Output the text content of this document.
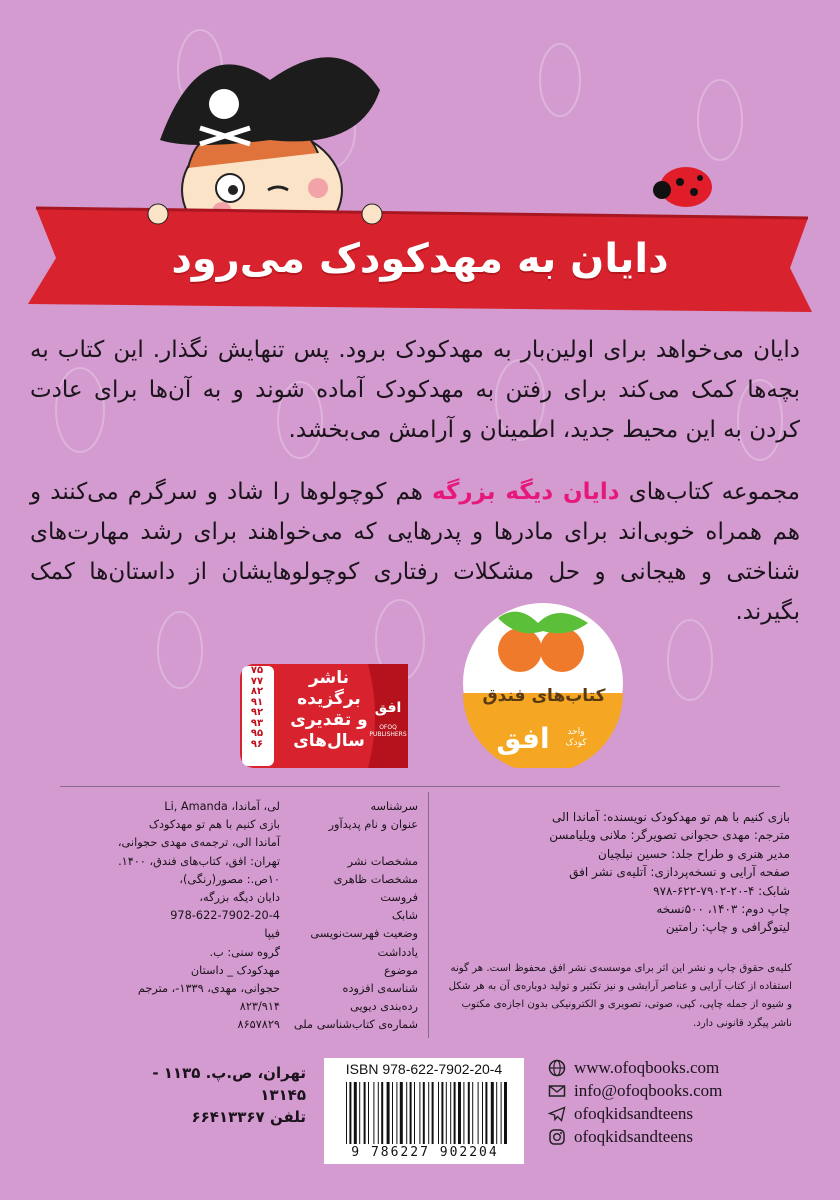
دایان به مهدکودک می‌رود
دایان می‌خواهد برای اولین‌بار به مهدکودک برود. پس تنهایش نگذار. این کتاب به بچه‌ها کمک می‌کند برای رفتن به مهدکودک آماده شوند و به آن‌ها برای عادت کردن به این محیط جدید، اطمینان و آرامش می‌بخشد.
مجموعه کتاب‌های دایان دیگه بزرگه هم کوچولوها را شاد و سرگرم می‌کنند و هم همراه خوبی‌اند برای مادرها و پدرهایی که می‌خواهند برای رشد مهارت‌های شناختی و هیجانی و حل مشکلات رفتاری کوچولوهایشان از داستان‌ها کمک بگیرند.
کتاب‌های فندق
افق	واحد کودک
۷۵
۷۷
۸۲
۹۱
۹۲
۹۳
۹۵
۹۶
ناشر
برگزیده
و تقدیری
سال‌های
افق
OFOQ PUBLISHERS
بازی کنیم با هم تو مهدکودک نویسنده: آماندا الی
مترجم: مهدی حجوانی تصویرگر: ملانی ویلیامسن
مدیر هنری و طراح جلد: حسین نیلچیان
صفحه آرایی و نسخه‌پردازی: آتلیه‌ی نشر افق
شابک: ۴-۲۰-۷۹۰۲-۶۲۲-۹۷۸
چاپ دوم: ۱۴۰۳، ۵۰۰نسخه
لیتوگرافی و چاپ: رامتین
کلیه‌ی حقوق چاپ و نشر این اثر برای موسسه‌ی نشر افق محفوظ است. هر گونه
استفاده از کتاب آرایی و عناصر آرایشی و نیز تکثیر و تولید دوباره‌ی آن به هر شکل
و شیوه از جمله چاپی، کپی، صوتی، تصویری و الکترونیکی بدون اجازه‌ی مکتوب
ناشر پیگرد قانونی دارد.
سرشناسه
عنوان و نام پدیدآور
مشخصات نشر
مشخصات ظاهری
فروست
شابک
وضعیت فهرست‌نویسی
یادداشت
موضوع
شناسه‌ی افزوده
رده‌بندی دیویی
شماره‌ی کتاب‌شناسی ملی
لی، آماندا، Li, Amanda
بازی کنیم با هم تو مهدکودک
آماندا الی، ترجمه‌ی مهدی حجوانی،
تهران: افق، کتاب‌های فندق، ۱۴۰۰.
۱۰ص.: مصور(رنگی)،
دایان دیگه بزرگه،
978-622-7902-20-4
فیپا
گروه سنی: ب.
مهدکودک _ داستان
حجوانی، مهدی، ۱۳۳۹-، مترجم
۸۲۳/۹۱۴
۸۶۵۷۸۲۹
تهران، ص.پ. ۱۱۳۵ - ۱۳۱۴۵
تلفن ۶۶۴۱۳۳۶۷
ISBN 978-622-7902-20-4
9 786227 902204
www.ofoqbooks.com
info@ofoqbooks.com
ofoqkidsandteens
ofoqkidsandteens
